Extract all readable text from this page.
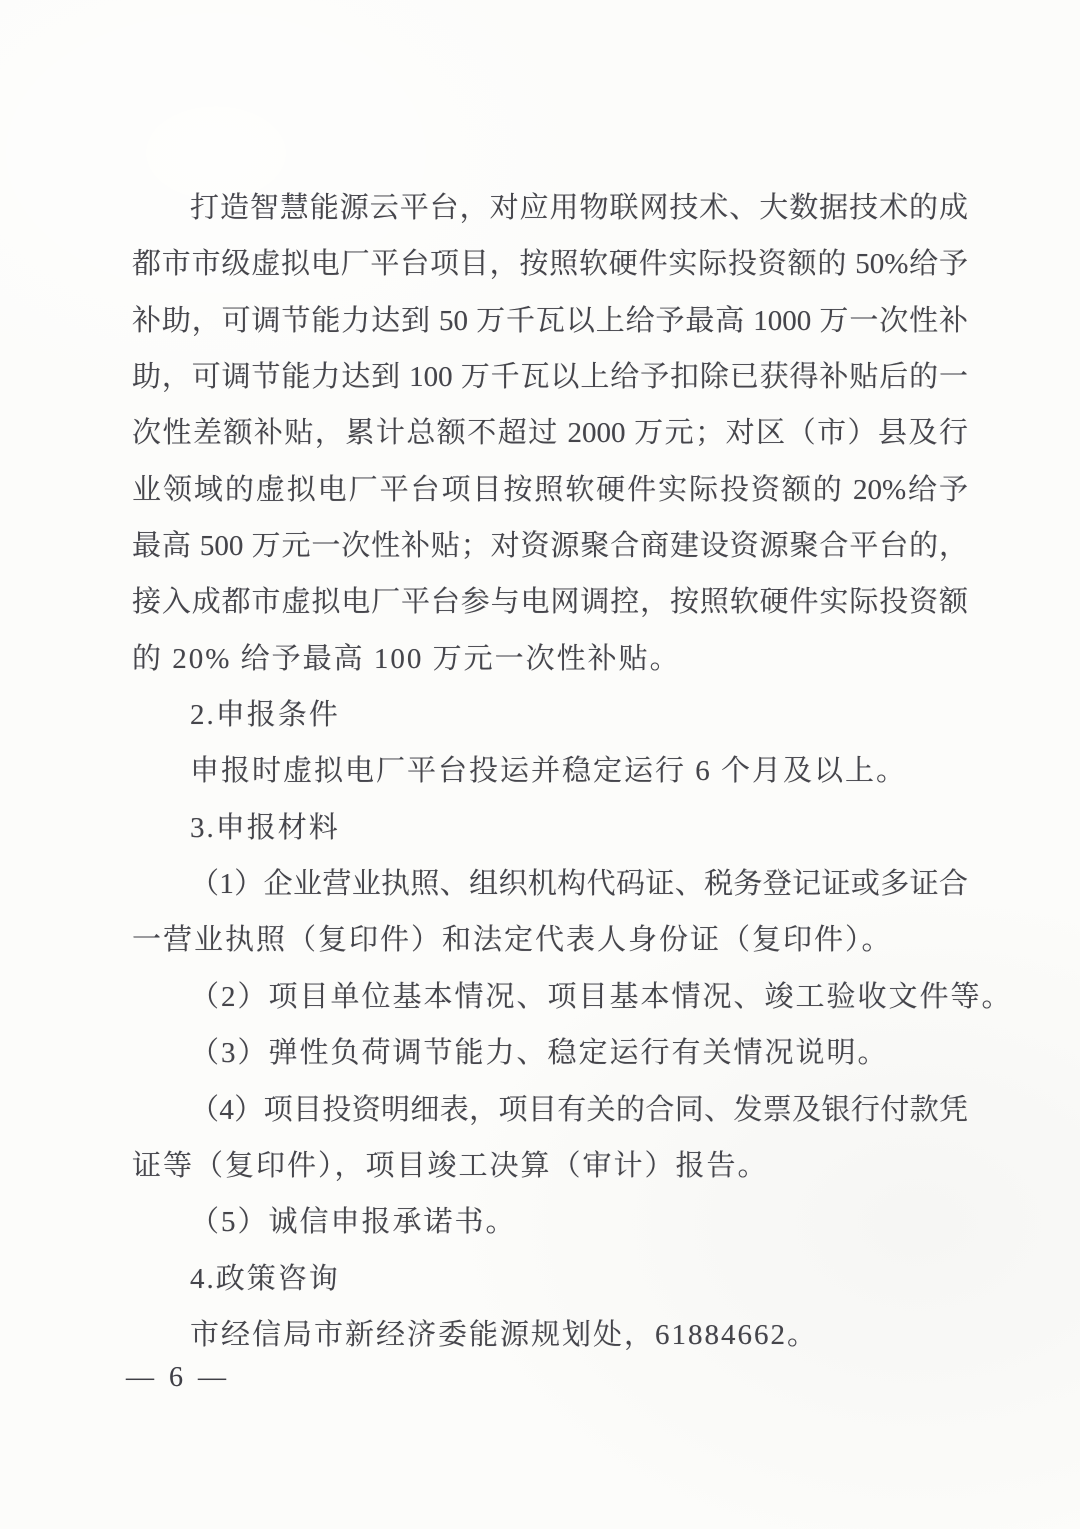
打造智慧能源云平台，对应用物联网技术、大数据技术的成
都市市级虚拟电厂平台项目，按照软硬件实际投资额的 50%给予
补助，可调节能力达到 50 万千瓦以上给予最高 1000 万一次性补
助，可调节能力达到 100 万千瓦以上给予扣除已获得补贴后的一
次性差额补贴，累计总额不超过 2000 万元；对区（市）县及行
业领域的虚拟电厂平台项目按照软硬件实际投资额的 20%给予
最高 500 万元一次性补贴；对资源聚合商建设资源聚合平台的，
接入成都市虚拟电厂平台参与电网调控，按照软硬件实际投资额
的 20% 给予最高 100 万元一次性补贴。
2.申报条件
申报时虚拟电厂平台投运并稳定运行 6 个月及以上。
3.申报材料
（1）企业营业执照、组织机构代码证、税务登记证或多证合
一营业执照（复印件）和法定代表人身份证（复印件）。
（2）项目单位基本情况、项目基本情况、竣工验收文件等。
（3）弹性负荷调节能力、稳定运行有关情况说明。
（4）项目投资明细表，项目有关的合同、发票及银行付款凭
证等（复印件），项目竣工决算（审计）报告。
（5）诚信申报承诺书。
4.政策咨询
市经信局市新经济委能源规划处，61884662。
— 6 —
